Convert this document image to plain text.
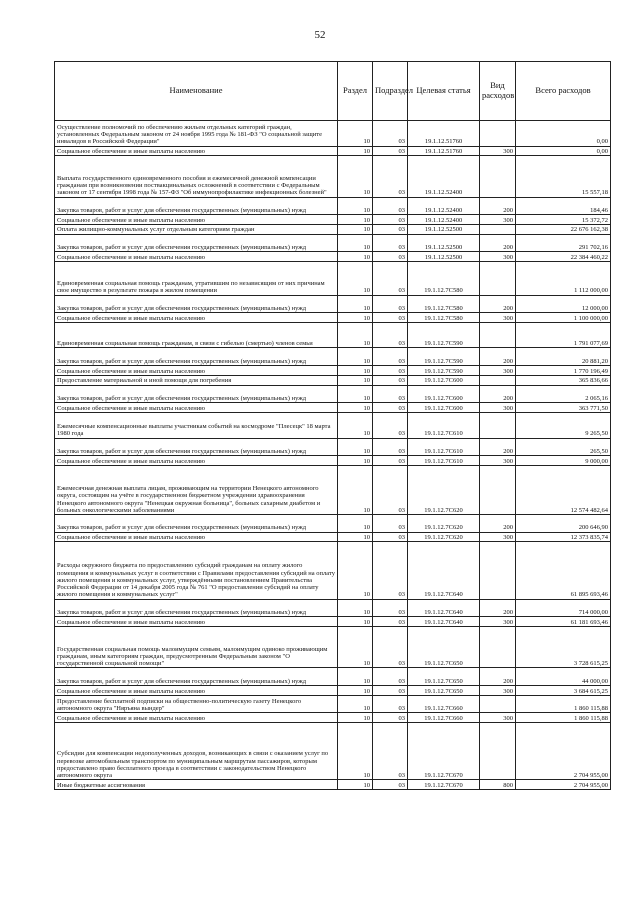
52
Наименование	Раздел	Подраздел	Целевая статья	Вид расходов	Всего расходов
Осуществление полномочий по обеспечению жильем отдельных категорий граждан, установленных Федеральным законом от 24 ноября 1995 года № 181-ФЗ "О социальной защите инвалидов в Российской Федерации"	10	03	19.1.12.51760		0,00
Социальное обеспечение и иные выплаты населению	10	03	19.1.12.51760	300	0,00
Выплата государственного единовременного пособия и ежемесячной денежной компенсации гражданам при возникновении поствакцинальных осложнений в соответствии с Федеральным законом от 17 сентября 1998 года № 157-ФЗ "Об иммунопрофилактике инфекционных болезней"	10	03	19.1.12.52400		15 557,18
Закупка товаров, работ и услуг для обеспечения государственных (муниципальных) нужд	10	03	19.1.12.52400	200	184,46
Социальное обеспечение и иные выплаты населению	10	03	19.1.12.52400	300	15 372,72
Оплата жилищно-коммунальных услуг отдельным категориям граждан	10	03	19.1.12.52500		22 676 162,38
Закупка товаров, работ и услуг для обеспечения государственных (муниципальных) нужд	10	03	19.1.12.52500	200	291 702,16
Социальное обеспечение и иные выплаты населению	10	03	19.1.12.52500	300	22 384 460,22
Единовременная социальная помощь гражданам, утратившим по независящим от них причинам свое имущество в результате пожара в жилом помещении	10	03	19.1.12.7С580		1 112 000,00
Закупка товаров, работ и услуг для обеспечения государственных (муниципальных) нужд	10	03	19.1.12.7С580	200	12 000,00
Социальное обеспечение и иные выплаты населению	10	03	19.1.12.7С580	300	1 100 000,00
Единовременная социальная помощь гражданам, в связи с гибелью (смертью) членов семьи	10	03	19.1.12.7С590		1 791 077,69
Закупка товаров, работ и услуг для обеспечения государственных (муниципальных) нужд	10	03	19.1.12.7С590	200	20 881,20
Социальное обеспечение и иные выплаты населению	10	03	19.1.12.7С590	300	1 770 196,49
Предоставление материальной и иной помощи для погребения	10	03	19.1.12.7С600		365 836,66
Закупка товаров, работ и услуг для обеспечения государственных (муниципальных) нужд	10	03	19.1.12.7С600	200	2 065,16
Социальное обеспечение и иные выплаты населению	10	03	19.1.12.7С600	300	363 771,50
Ежемесячные компенсационные выплаты участникам событий на космодроме "Плесецк" 18 марта 1980 года	10	03	19.1.12.7С610		9 265,50
Закупка товаров, работ и услуг для обеспечения государственных (муниципальных) нужд	10	03	19.1.12.7С610	200	265,50
Социальное обеспечение и иные выплаты населению	10	03	19.1.12.7С610	300	9 000,00
Ежемесячная денежная выплата лицам, проживающим на территории Ненецкого автономного округа, состоящим на учёте в государственном бюджетном учреждении здравоохранения Ненецкого автономного округа "Ненецкая окружная больница", больных сахарным диабетом и больных онкологическими заболеваниями	10	03	19.1.12.7С620		12 574 482,64
Закупка товаров, работ и услуг для обеспечения государственных (муниципальных) нужд	10	03	19.1.12.7С620	200	200 646,90
Социальное обеспечение и иные выплаты населению	10	03	19.1.12.7С620	300	12 373 835,74
Расходы окружного бюджета по предоставлению субсидий гражданам на оплату жилого помещения и коммунальных услуг в соответствии с Правилами предоставления субсидий на оплату жилого помещения и коммунальных услуг, утверждёнными постановлением Правительства Российской Федерации от 14 декабря 2005 года № 761 "О предоставлении субсидий на оплату жилого помещения и коммунальных услуг"	10	03	19.1.12.7С640		61 895 693,46
Закупка товаров, работ и услуг для обеспечения государственных (муниципальных) нужд	10	03	19.1.12.7С640	200	714 000,00
Социальное обеспечение и иные выплаты населению	10	03	19.1.12.7С640	300	61 181 693,46
Государственная социальная помощь малоимущим семьям, малоимущим одиноко проживающим гражданам, иным категориям граждан, предусмотренным Федеральным законом "О государственной социальной помощи"	10	03	19.1.12.7С650		3 728 615,25
Закупка товаров, работ и услуг для обеспечения государственных (муниципальных) нужд	10	03	19.1.12.7С650	200	44 000,00
Социальное обеспечение и иные выплаты населению	10	03	19.1.12.7С650	300	3 684 615,25
Предоставление бесплатной подписки на общественно-политическую газету Ненецкого автономного округа "Няръяна вындер"	10	03	19.1.12.7С660		1 860 115,88
Социальное обеспечение и иные выплаты населению	10	03	19.1.12.7С660	300	1 860 115,88
Субсидии для компенсации недополученных доходов, возникающих в связи с оказанием услуг по перевозке автомобильным транспортом по муниципальным маршрутам пассажиров, которым предоставлено право бесплатного проезда в соответствии с законодательством Ненецкого автономного округа	10	03	19.1.12.7С670		2 704 955,00
Иные бюджетные ассигнования	10	03	19.1.12.7С670	800	2 704 955,00
